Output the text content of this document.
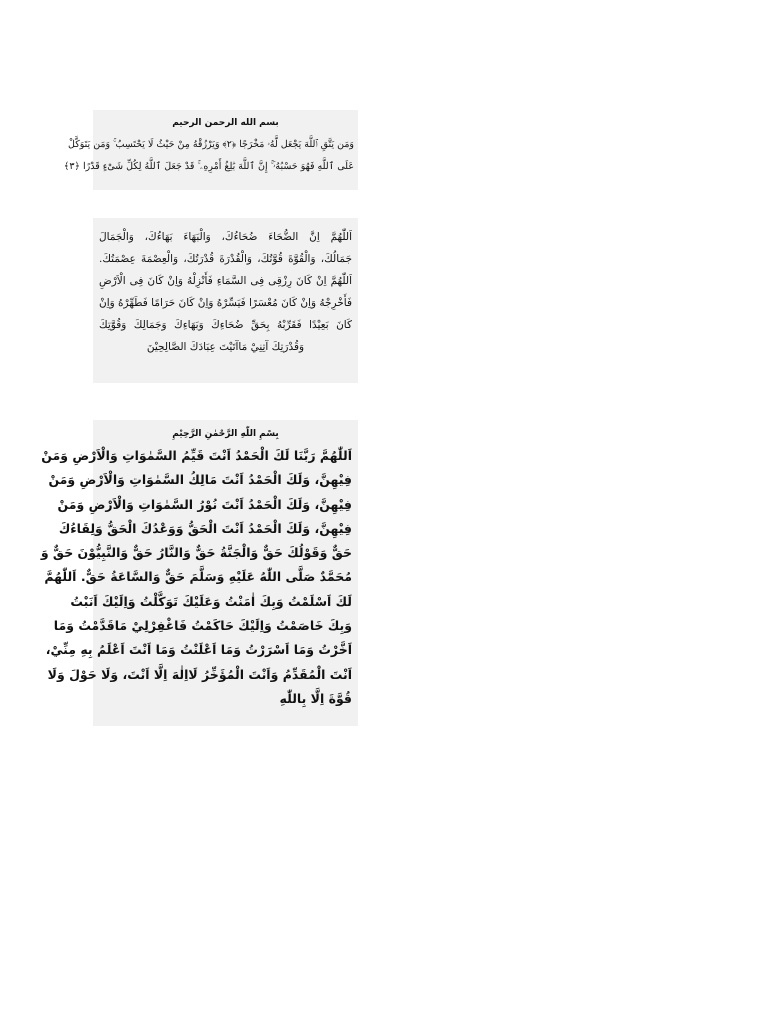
بسم الله الرحمن الرحيم
وَمَن يَتَّقِ ٱللَّهَ يَجْعَل لَّهُۥ مَخْرَجًا ﴿٢﴾ وَيَرْزُقْهُ مِنْ حَيْثُ لَا يَحْتَسِبُ ۚ وَمَن يَتَوَكَّلْ
عَلَى ٱللَّهِ فَهُوَ حَسْبُهُۥٓ ۚ إِنَّ ٱللَّهَ بَٰلِغُ أَمْرِهِۦ ۚ قَدْ جَعَلَ ٱللَّهُ لِكُلِّ شَىْءٍ قَدْرًا ﴿٣﴾
اَللّٰهُمَّ اِنَّ الضُّحَاءَ ضُحَاءُكَ، وَالْبَهَاءَ بَهَاءُكَ، وَالْجَمَالَ
جَمَالُكَ، وَالْقُوَّةَ قُوَّتُكَ، وَالْقُدْرَةَ قُدْرَتُكَ، وَالْعِصْمَةَ عِصْمَتُكَ.
اَللّٰهُمَّ اِنْ كَانَ رِزْقِى فِى السَّمَاءِ فَأَنْزِلْهُ وَاِنْ كَانَ فِى الْاَرْضِ
فَأَخْرِجْهُ وَاِنْ كَانَ مُعْسَرًا فَيَسِّرْهُ وَاِنْ كَانَ حَرَامًا فَطَهِّرْهُ وَاِنْ
كَانَ بَعِيْدًا فَقَرِّبْهُ بِحَقِّ ضُحَاءِكَ وَبَهَاءِكَ وَجَمَالِكَ وَقُوَّتِكَ
وَقُدْرَتِكَ آتِنِيْ مَاآتَيْتَ عِبَادَكَ الصَّالِحِيْنَ
بِسْمِ اللّٰهِ الرَّحْمٰنِ الرَّحِيْمِ
اَللّٰهُمَّ رَبَّنَا لَكَ الْحَمْدُ اَنْتَ قَيِّمُ السَّمٰوَاتِ وَالْاَرْضِ وَمَنْ
فِيْهِنَّ، وَلَكَ الْحَمْدُ اَنْتَ مَالِكُ السَّمٰوَاتِ وَالْاَرْضِ وَمَنْ
فِيْهِنَّ، وَلَكَ الْحَمْدُ اَنْتَ نُوْرُ السَّمٰوَاتِ وَالْاَرْضِ وَمَنْ
فِيْهِنَّ، وَلَكَ الْحَمْدُ اَنْتَ الْحَقُّ وَوَعْدُكَ الْحَقُّ وَلِقَاءُكَ
حَقٌّ وَقَوْلُكَ حَقٌّ وَالْجَنَّةُ حَقٌّ وَالنَّارُ حَقٌّ وَالنَّبِيُّوْنَ حَقٌّ وَ
مُحَمَّدٌ صَلَّى اللّٰهُ عَلَيْهِ وَسَلَّمَ حَقٌّ وَالسَّاعَةُ حَقٌّ. اَللّٰهُمَّ
لَكَ اَسْلَمْتُ وَبِكَ اٰمَنْتُ وَعَلَيْكَ تَوَكَّلْتُ وَاِلَيْكَ اَنَبْتُ
وَبِكَ خَاصَمْتُ وَاِلَيْكَ حَاكَمْتُ فَاغْفِرْلِيْ مَاقَدَّمْتُ وَمَا
اَخَّرْتُ وَمَا اَسْرَرْتُ وَمَا اَعْلَنْتُ وَمَا اَنْتَ اَعْلَمُ بِهِ مِنِّيْ،
اَنْتَ الْمُقَدِّمُ وَاَنْتَ الْمُؤَخِّرُ لَااِلٰهَ اِلَّا اَنْتَ، وَلَا حَوْلَ وَلَا
قُوَّةَ اِلَّا بِاللّٰهِ
